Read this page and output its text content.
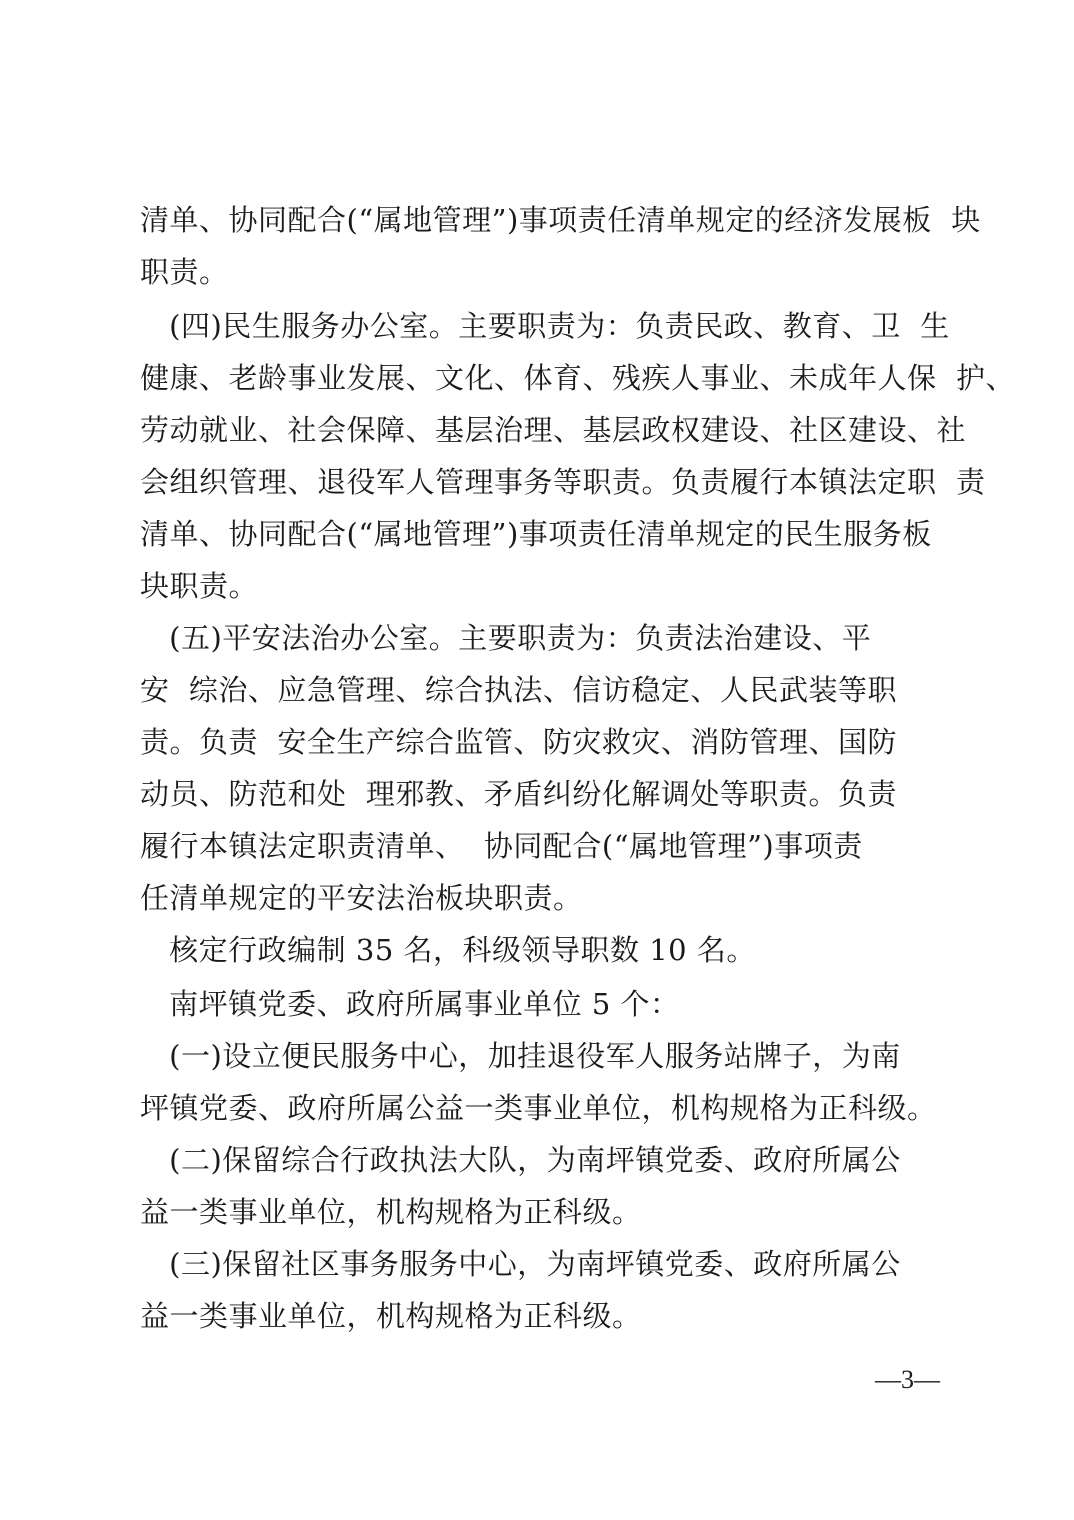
清单、协同配合(“属地管理”)事项责任清单规定的经济发展板  块
职责。
(四)民生服务办公室。主要职责为：负责民政、教育、卫  生
健康、老龄事业发展、文化、体育、残疾人事业、未成年人保  护、
劳动就业、社会保障、基层治理、基层政权建设、社区建设、社
会组织管理、退役军人管理事务等职责。负责履行本镇法定职  责
清单、协同配合(“属地管理”)事项责任清单规定的民生服务板
块职责。
(五)平安法治办公室。主要职责为：负责法治建设、平
安  综治、应急管理、综合执法、信访稳定、人民武装等职
责。负责  安全生产综合监管、防灾救灾、消防管理、国防
动员、防范和处  理邪教、矛盾纠纷化解调处等职责。负责
履行本镇法定职责清单、  协同配合(“属地管理”)事项责
任清单规定的平安法治板块职责。
核定行政编制 35 名，科级领导职数 10 名。
南坪镇党委、政府所属事业单位 5 个：
(一)设立便民服务中心，加挂退役军人服务站牌子，为南
坪镇党委、政府所属公益一类事业单位，机构规格为正科级。
(二)保留综合行政执法大队，为南坪镇党委、政府所属公
益一类事业单位，机构规格为正科级。
(三)保留社区事务服务中心，为南坪镇党委、政府所属公
益一类事业单位，机构规格为正科级。
—3—
